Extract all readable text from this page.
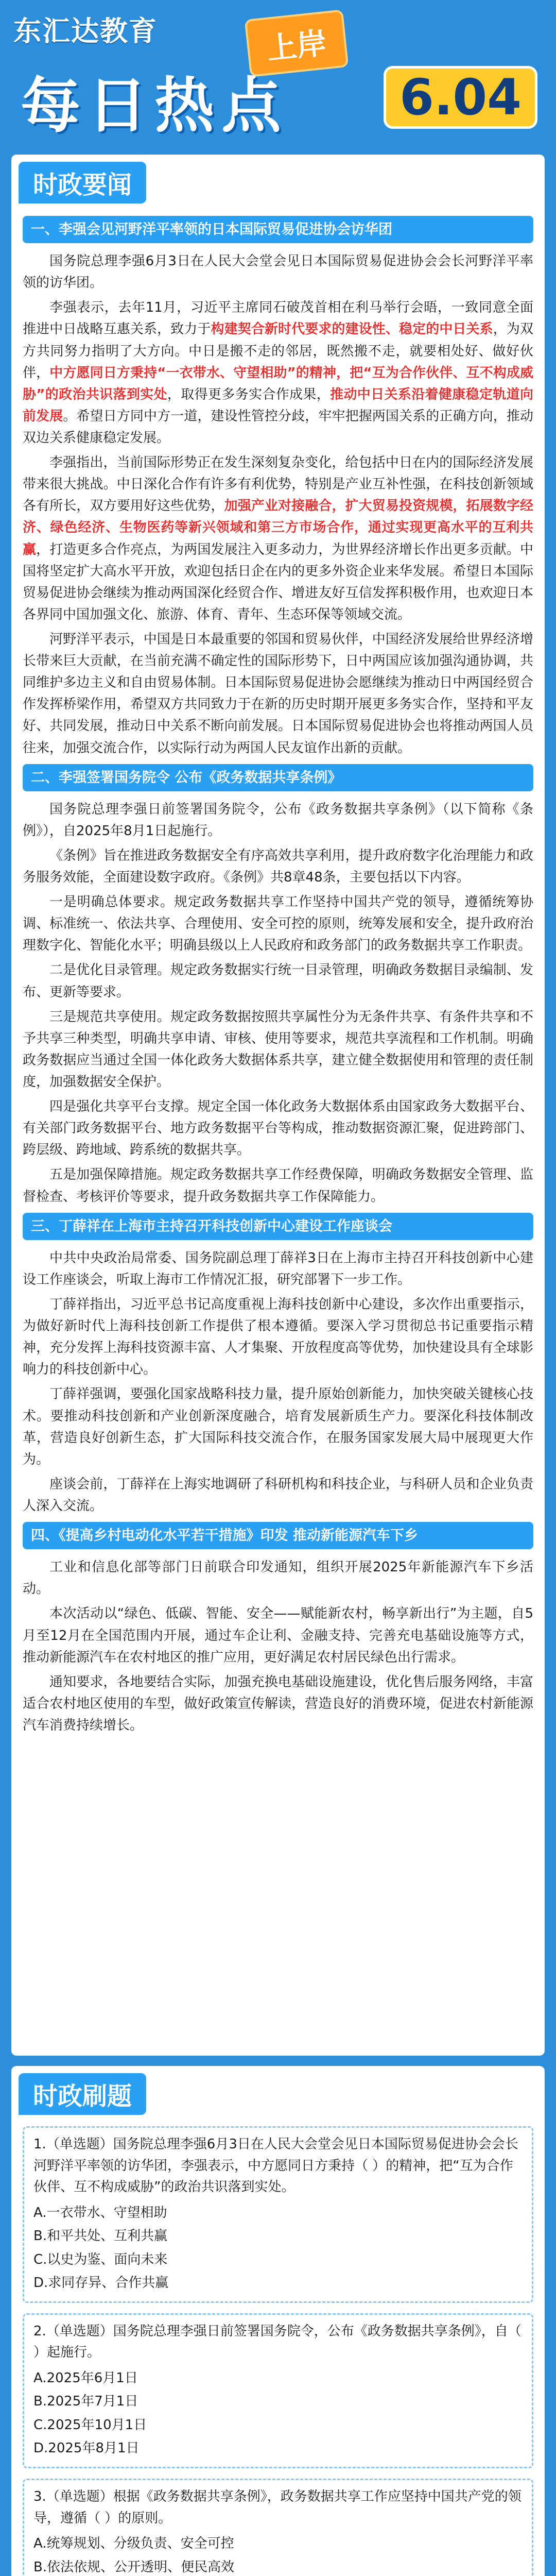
东汇达教育	上岸
每日热点	6.04
时政要闻
一、李强会见河野洋平率领的日本国际贸易促进协会访华团

国务院总理李强6月3日在人民大会堂会见日本国际贸易促进协会会长河野洋平率领的访华团。

李强表示，去年11月，习近平主席同石破茂首相在利马举行会晤，一致同意全面推进中日战略互惠关系，致力于构建契合新时代要求的建设性、稳定的中日关系，为双方共同努力指明了大方向。中日是搬不走的邻居，既然搬不走，就要相处好、做好伙伴，中方愿同日方秉持“一衣带水、守望相助”的精神，把“互为合作伙伴、互不构成威胁”的政治共识落到实处，取得更多务实合作成果，推动中日关系沿着健康稳定轨道向前发展。希望日方同中方一道，建设性管控分歧，牢牢把握两国关系的正确方向，推动双边关系健康稳定发展。

李强指出，当前国际形势正在发生深刻复杂变化，给包括中日在内的国际经济发展带来很大挑战。中日深化合作有许多有利优势，特别是产业互补性强，在科技创新领域各有所长，双方要用好这些优势，加强产业对接融合，扩大贸易投资规模，拓展数字经济、绿色经济、生物医药等新兴领域和第三方市场合作，通过实现更高水平的互利共赢，打造更多合作亮点，为两国发展注入更多动力，为世界经济增长作出更多贡献。中国将坚定扩大高水平开放，欢迎包括日企在内的更多外资企业来华发展。希望日本国际贸易促进协会继续为推动两国深化经贸合作、增进友好互信发挥积极作用，也欢迎日本各界同中国加强文化、旅游、体育、青年、生态环保等领域交流。

河野洋平表示，中国是日本最重要的邻国和贸易伙伴，中国经济发展给世界经济增长带来巨大贡献，在当前充满不确定性的国际形势下，日中两国应该加强沟通协调，共同维护多边主义和自由贸易体制。日本国际贸易促进协会愿继续为推动日中两国经贸合作发挥桥梁作用，希望双方共同致力于在新的历史时期开展更多务实合作，坚持和平友好、共同发展，推动日中关系不断向前发展。日本国际贸易促进协会也将推动两国人员往来，加强交流合作，以实际行动为两国人民友谊作出新的贡献。

二、李强签署国务院令 公布《政务数据共享条例》

国务院总理李强日前签署国务院令，公布《政务数据共享条例》（以下简称《条例》），自2025年8月1日起施行。

《条例》旨在推进政务数据安全有序高效共享利用，提升政府数字化治理能力和政务服务效能，全面建设数字政府。《条例》共8章48条，主要包括以下内容。

一是明确总体要求。规定政务数据共享工作坚持中国共产党的领导，遵循统筹协调、标准统一、依法共享、合理使用、安全可控的原则，统筹发展和安全，提升政府治理数字化、智能化水平；明确县级以上人民政府和政务部门的政务数据共享工作职责。

二是优化目录管理。规定政务数据实行统一目录管理，明确政务数据目录编制、发布、更新等要求。

三是规范共享使用。规定政务数据按照共享属性分为无条件共享、有条件共享和不予共享三种类型，明确共享申请、审核、使用等要求，规范共享流程和工作机制。明确政务数据应当通过全国一体化政务大数据体系共享，建立健全数据使用和管理的责任制度，加强数据安全保护。

四是强化共享平台支撑。规定全国一体化政务大数据体系由国家政务大数据平台、有关部门政务数据平台、地方政务数据平台等构成，推动数据资源汇聚，促进跨部门、跨层级、跨地域、跨系统的数据共享。

五是加强保障措施。规定政务数据共享工作经费保障，明确政务数据安全管理、监督检查、考核评价等要求，提升政务数据共享工作保障能力。

三、丁薛祥在上海市主持召开科技创新中心建设工作座谈会

中共中央政治局常委、国务院副总理丁薛祥3日在上海市主持召开科技创新中心建设工作座谈会，听取上海市工作情况汇报，研究部署下一步工作。

丁薛祥指出，习近平总书记高度重视上海科技创新中心建设，多次作出重要指示，为做好新时代上海科技创新工作提供了根本遵循。要深入学习贯彻总书记重要指示精神，充分发挥上海科技资源丰富、人才集聚、开放程度高等优势，加快建设具有全球影响力的科技创新中心。

丁薛祥强调，要强化国家战略科技力量，提升原始创新能力，加快突破关键核心技术。要推动科技创新和产业创新深度融合，培育发展新质生产力。要深化科技体制改革，营造良好创新生态，扩大国际科技交流合作，在服务国家发展大局中展现更大作为。

座谈会前，丁薛祥在上海实地调研了科研机构和科技企业，与科研人员和企业负责人深入交流。

四、《提高乡村电动化水平若干措施》印发 推动新能源汽车下乡

工业和信息化部等部门日前联合印发通知，组织开展2025年新能源汽车下乡活动。

本次活动以“绿色、低碳、智能、安全——赋能新农村，畅享新出行”为主题，自5月至12月在全国范围内开展，通过车企让利、金融支持、完善充电基础设施等方式，推动新能源汽车在农村地区的推广应用，更好满足农村居民绿色出行需求。

通知要求，各地要结合实际，加强充换电基础设施建设，优化售后服务网络，丰富适合农村地区使用的车型，做好政策宣传解读，营造良好的消费环境，促进农村新能源汽车消费持续增长。

时政刷题

1.（单选题）国务院总理李强6月3日在人民大会堂会见日本国际贸易促进协会会长河野洋平率领的访华团，李强表示，中方愿同日方秉持（ ）的精神，把“互为合作伙伴、互不构成威胁”的政治共识落到实处。

A.一衣带水、守望相助

B.和平共处、互利共赢

C.以史为鉴、面向未来

D.求同存异、合作共赢

2.（单选题）国务院总理李强日前签署国务院令，公布《政务数据共享条例》，自（ ）起施行。

A.2025年6月1日

B.2025年7月1日

C.2025年10月1日

D.2025年8月1日

3.（单选题）根据《政务数据共享条例》，政务数据共享工作应坚持中国共产党的领导，遵循（ ）的原则。

A.统筹规划、分级负责、安全可控

B.依法依规、公开透明、便民高效
